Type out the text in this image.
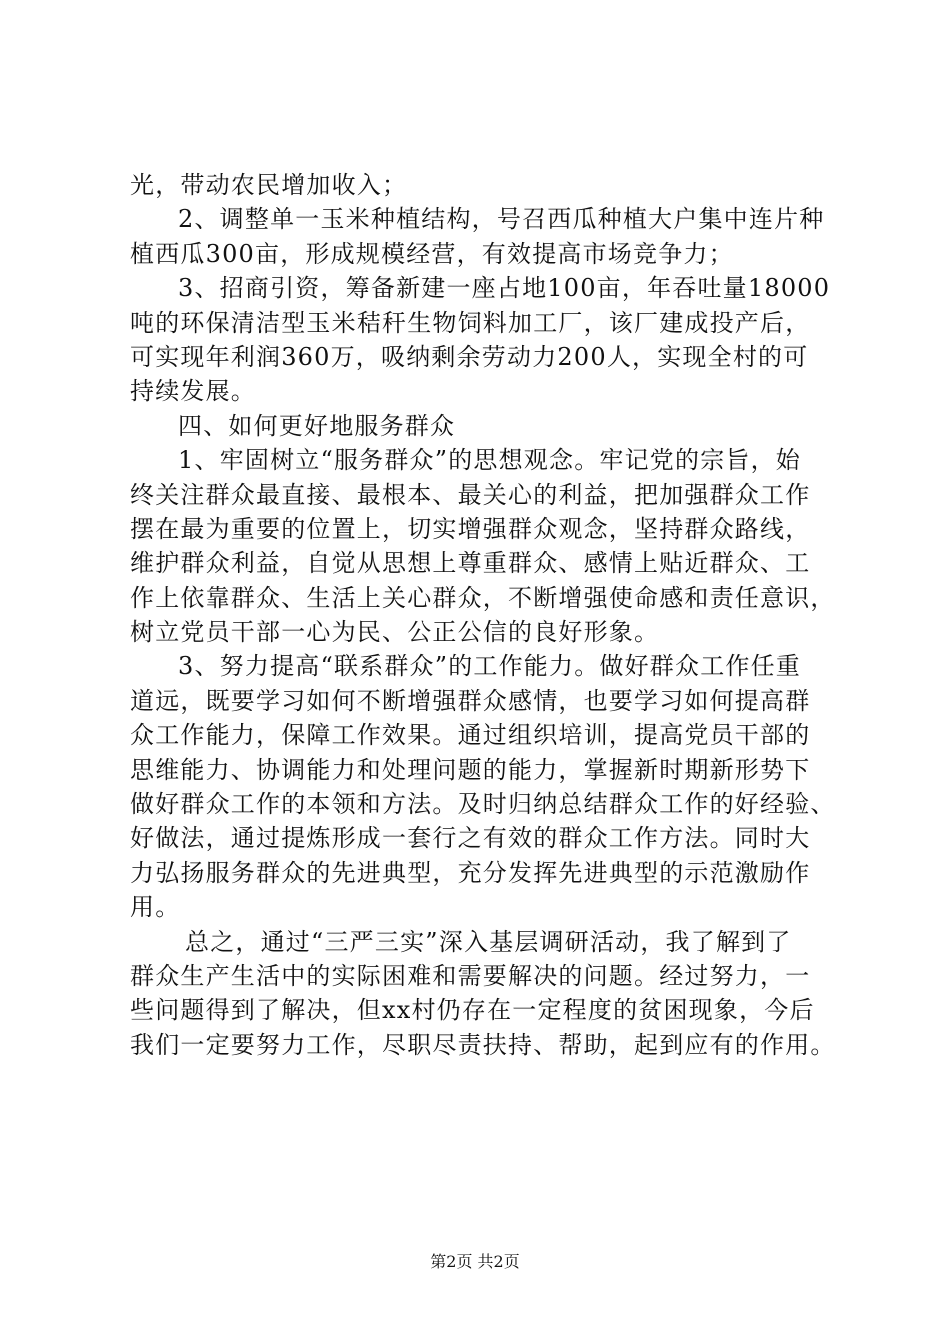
光，带动农民增加收入；
2、调整单一玉米种植结构，号召西瓜种植大户集中连片种
植西瓜300亩，形成规模经营，有效提高市场竞争力；
3、招商引资，筹备新建一座占地100亩，年吞吐量18000
吨的环保清洁型玉米秸秆生物饲料加工厂，该厂建成投产后，
可实现年利润360万，吸纳剩余劳动力200人，实现全村的可
持续发展。
四、如何更好地服务群众
1、牢固树立“服务群众”的思想观念。牢记党的宗旨，始
终关注群众最直接、最根本、最关心的利益，把加强群众工作
摆在最为重要的位置上，切实增强群众观念，坚持群众路线，
维护群众利益，自觉从思想上尊重群众、感情上贴近群众、工
作上依靠群众、生活上关心群众，不断增强使命感和责任意识，
树立党员干部一心为民、公正公信的良好形象。
3、努力提高“联系群众”的工作能力。做好群众工作任重
道远，既要学习如何不断增强群众感情，也要学习如何提高群
众工作能力，保障工作效果。通过组织培训，提高党员干部的
思维能力、协调能力和处理问题的能力，掌握新时期新形势下
做好群众工作的本领和方法。及时归纳总结群众工作的好经验、
好做法，通过提炼形成一套行之有效的群众工作方法。同时大
力弘扬服务群众的先进典型，充分发挥先进典型的示范激励作
用。
总之，通过“三严三实”深入基层调研活动，我了解到了
群众生产生活中的实际困难和需要解决的问题。经过努力，一
些问题得到了解决，但xx村仍存在一定程度的贫困现象，今后
我们一定要努力工作，尽职尽责扶持、帮助，起到应有的作用。
第2页 共2页
